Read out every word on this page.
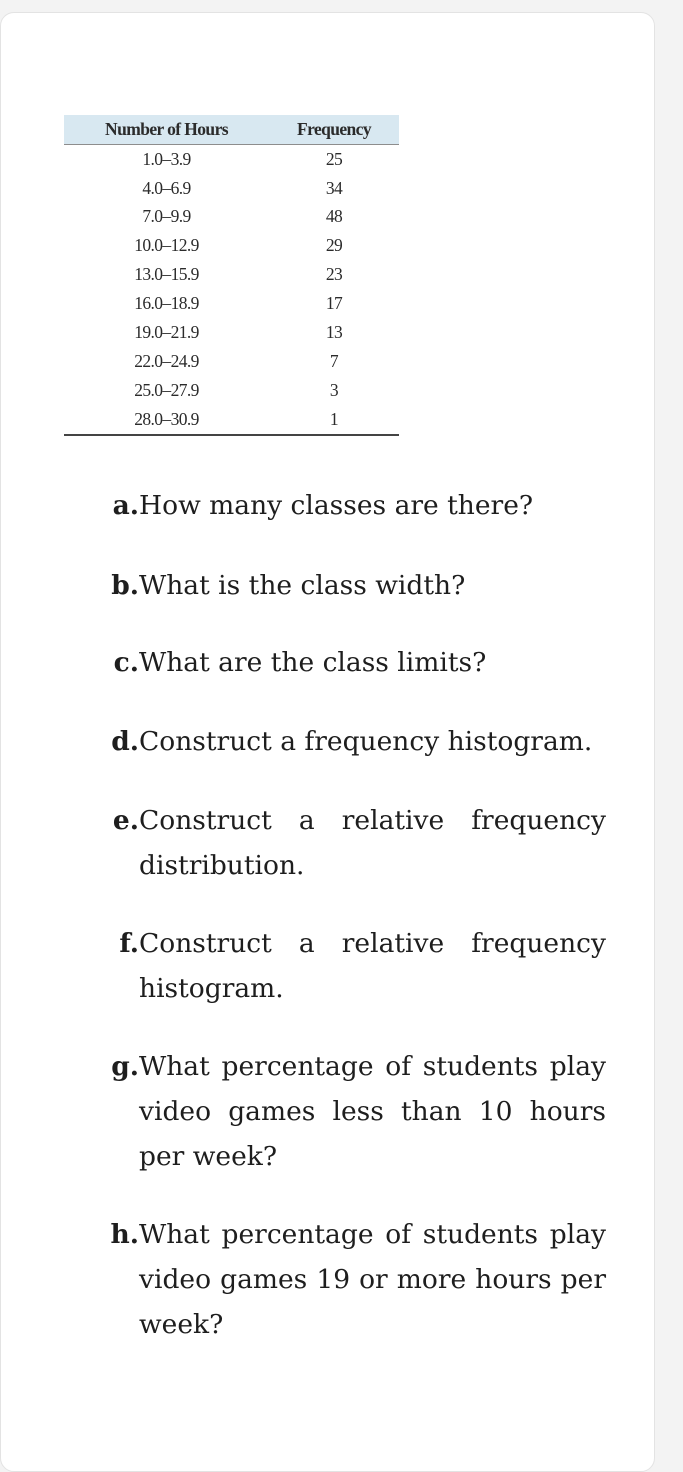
Number of Hours	Frequency
1.0–3.9	25
4.0–6.9	34
7.0–9.9	48
10.0–12.9	29
13.0–15.9	23
16.0–18.9	17
19.0–21.9	13
22.0–24.9	7
25.0–27.9	3
28.0–30.9	1
a. How many classes are there?
b. What is the class width?
c. What are the class limits?
d. Construct a frequency histogram.
e. Construct a relative frequency distribution.
f. Construct a relative frequency histogram.
g. What percentage of students play video games less than 10 hours per week?
h. What percentage of students play video games 19 or more hours per week?
